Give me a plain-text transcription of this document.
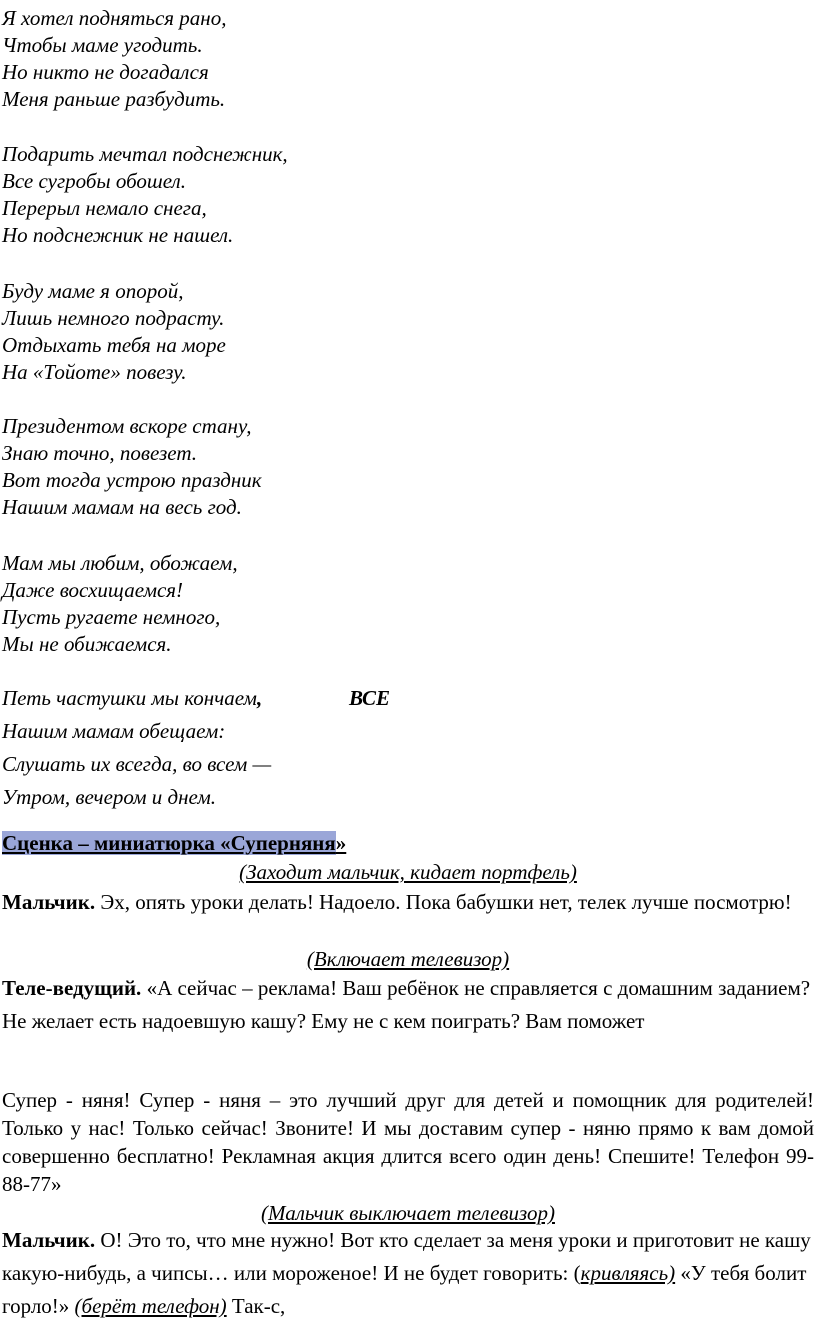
Я хотел подняться рано,
Чтобы маме угодить.
Но никто не догадался
Меня раньше разбудить.
Подарить мечтал подснежник,
Все сугробы обошел.
Перерыл немало снега,
Но подснежник не нашел.
Буду маме я опорой,
Лишь немного подрасту.
Отдыхать тебя на море
На «Тойоте» повезу.
Президентом вскоре стану,
Знаю точно, повезет.
Вот тогда устрою праздник
Нашим мамам на весь год.
Мам мы любим, обожаем,
Даже восхищаемся!
Пусть ругаете немного,
Мы не обижаемся.
Петь частушки мы кончаем,	ВСЕ
Нашим мамам обещаем:
Слушать их всегда, во всем —
Утром, вечером и днем.
Сценка – миниатюрка «Суперняня»
(Заходит мальчик, кидает портфель)
Мальчик. Эх, опять уроки делать! Надоело. Пока бабушки нет, телек лучше посмотрю!
(Включает телевизор)
Теле-ведущий. «А сейчас – реклама! Ваш ребёнок не справляется с домашним заданием? Не желает есть надоевшую кашу? Ему не с кем поиграть? Вам поможет
Супер - няня! Супер - няня – это лучший друг для детей и помощник для родителей! Только у нас! Только сейчас! Звоните! И мы доставим супер - няню прямо к вам домой совершенно бесплатно! Рекламная акция длится всего один день! Спешите! Телефон 99-88-77»
(Мальчик выключает телевизор)
Мальчик. О! Это то, что мне нужно! Вот кто сделает за меня уроки и приготовит не кашу какую-нибудь, а чипсы… или мороженое! И не будет говорить: (кривляясь) «У тебя болит горло!» (берёт телефон) Так-с,
